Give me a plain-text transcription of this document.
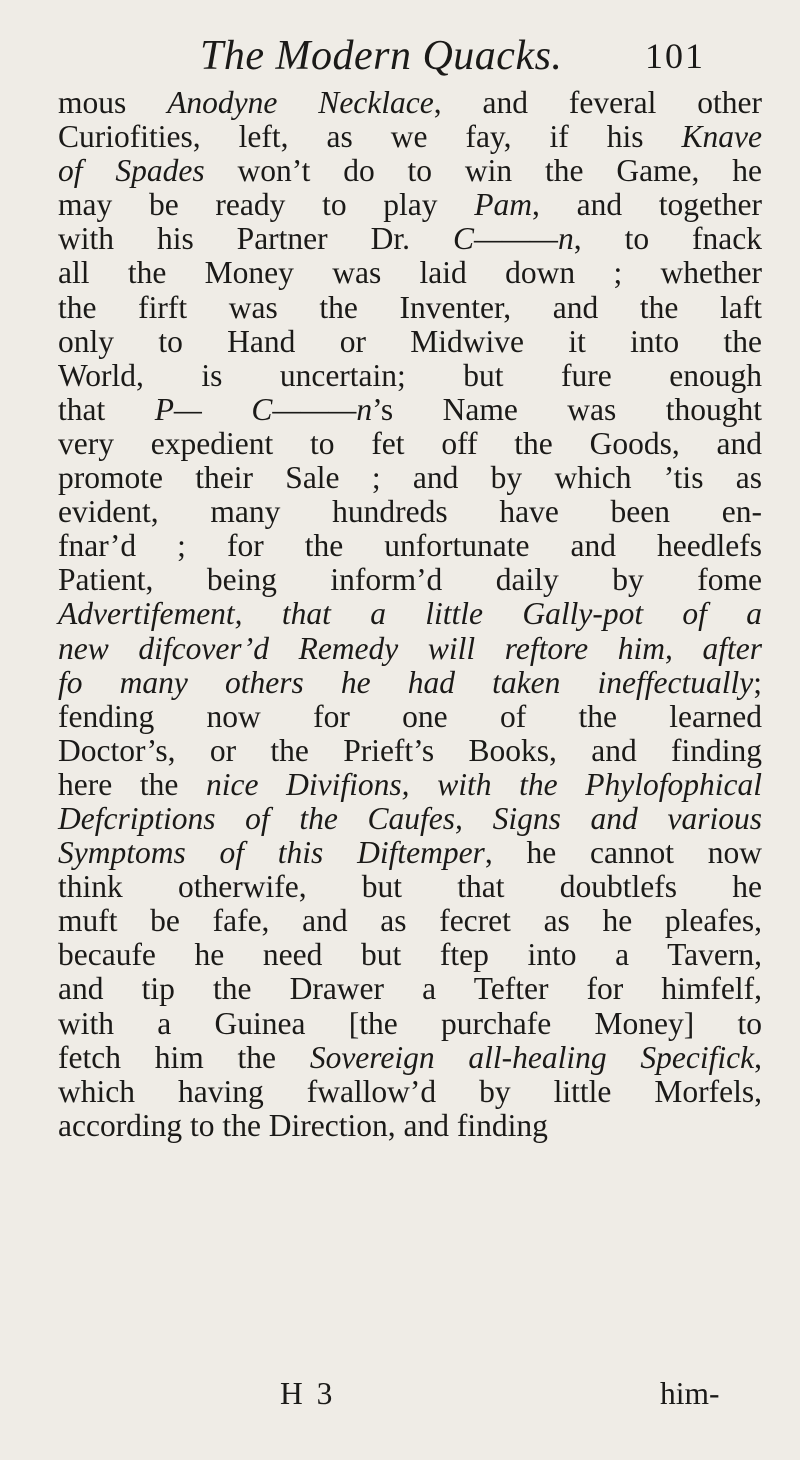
The Modern Quacks. 101
mous Anodyne Necklace, and feveral other
Curiofities, left, as we fay, if his Knave
of Spades won’t do to win the Game, he
may be ready to play Pam, and together
with his Partner Dr. C———n, to fnack
all the Money was laid down ; whether
the firft was the Inventer, and the laft
only to Hand or Midwive it into the
World, is uncertain; but fure enough
that P— C———n’s Name was thought
very expedient to fet off the Goods, and
promote their Sale ; and by which ’tis as
evident, many hundreds have been en-
fnar’d ; for the unfortunate and heedlefs
Patient, being inform’d daily by fome
Advertifement, that a little Gally-pot of a
new difcover’d Remedy will reftore him, after
fo many others he had taken ineffectually;
fending now for one of the learned
Doctor’s, or the Prieft’s Books, and finding
here the nice Divifions, with the Phylofophical
Defcriptions of the Caufes, Signs and various
Symptoms of this Diftemper, he cannot now
think otherwife, but that doubtlefs he
muft be fafe, and as fecret as he pleafes,
becaufe he need but ftep into a Tavern,
and tip the Drawer a Tefter for himfelf,
with a Guinea [the purchafe Money] to
fetch him the Sovereign all-healing Specifick,
which having fwallow’d by little Morfels,
according to the Direction, and finding
H 3	him-
